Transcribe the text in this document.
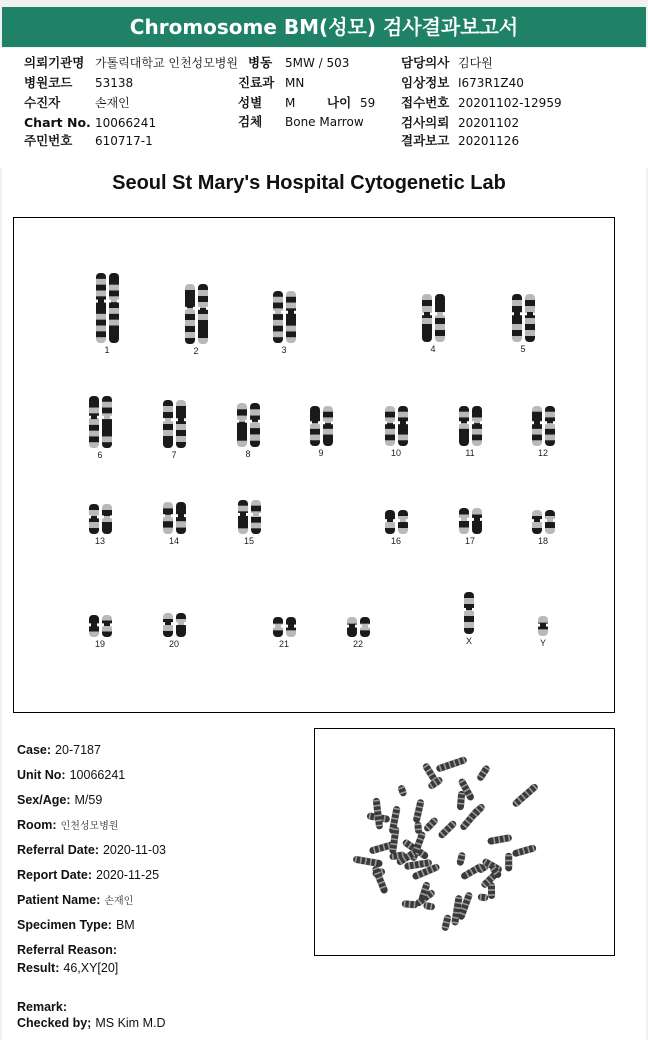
Chromosome BM(성모) 검사결과보고서
의뢰기관명 가톨릭대학교 인천성모병원
병원코드 53138
수진자	손재인
Chart No. 10066241
주민번호 610717-1
병동 5MW / 503
진료과 MN
성별 M	나이 59
검체 Bone Marrow
담당의사 김다원
임상정보 I673R1Z40
접수번호 20201102-12959
검사의뢰 20201102
결과보고 20201126
Seoul St Mary's Hospital Cytogenetic Lab
1	2	3	4	5
6	7	8	9	10	11	12
13	14	15	16	17	18
19	20	21	22	X	Y
Case: 20-7187
Unit No: 10066241
Sex/Age: M/59
Room: 인천성모병원
Referral Date: 2020-11-03
Report Date: 2020-11-25
Patient Name: 손재인
Specimen Type: BM
Referral Reason:
Result: 46,XY[20]
Remark:
Checked by; MS Kim M.D
